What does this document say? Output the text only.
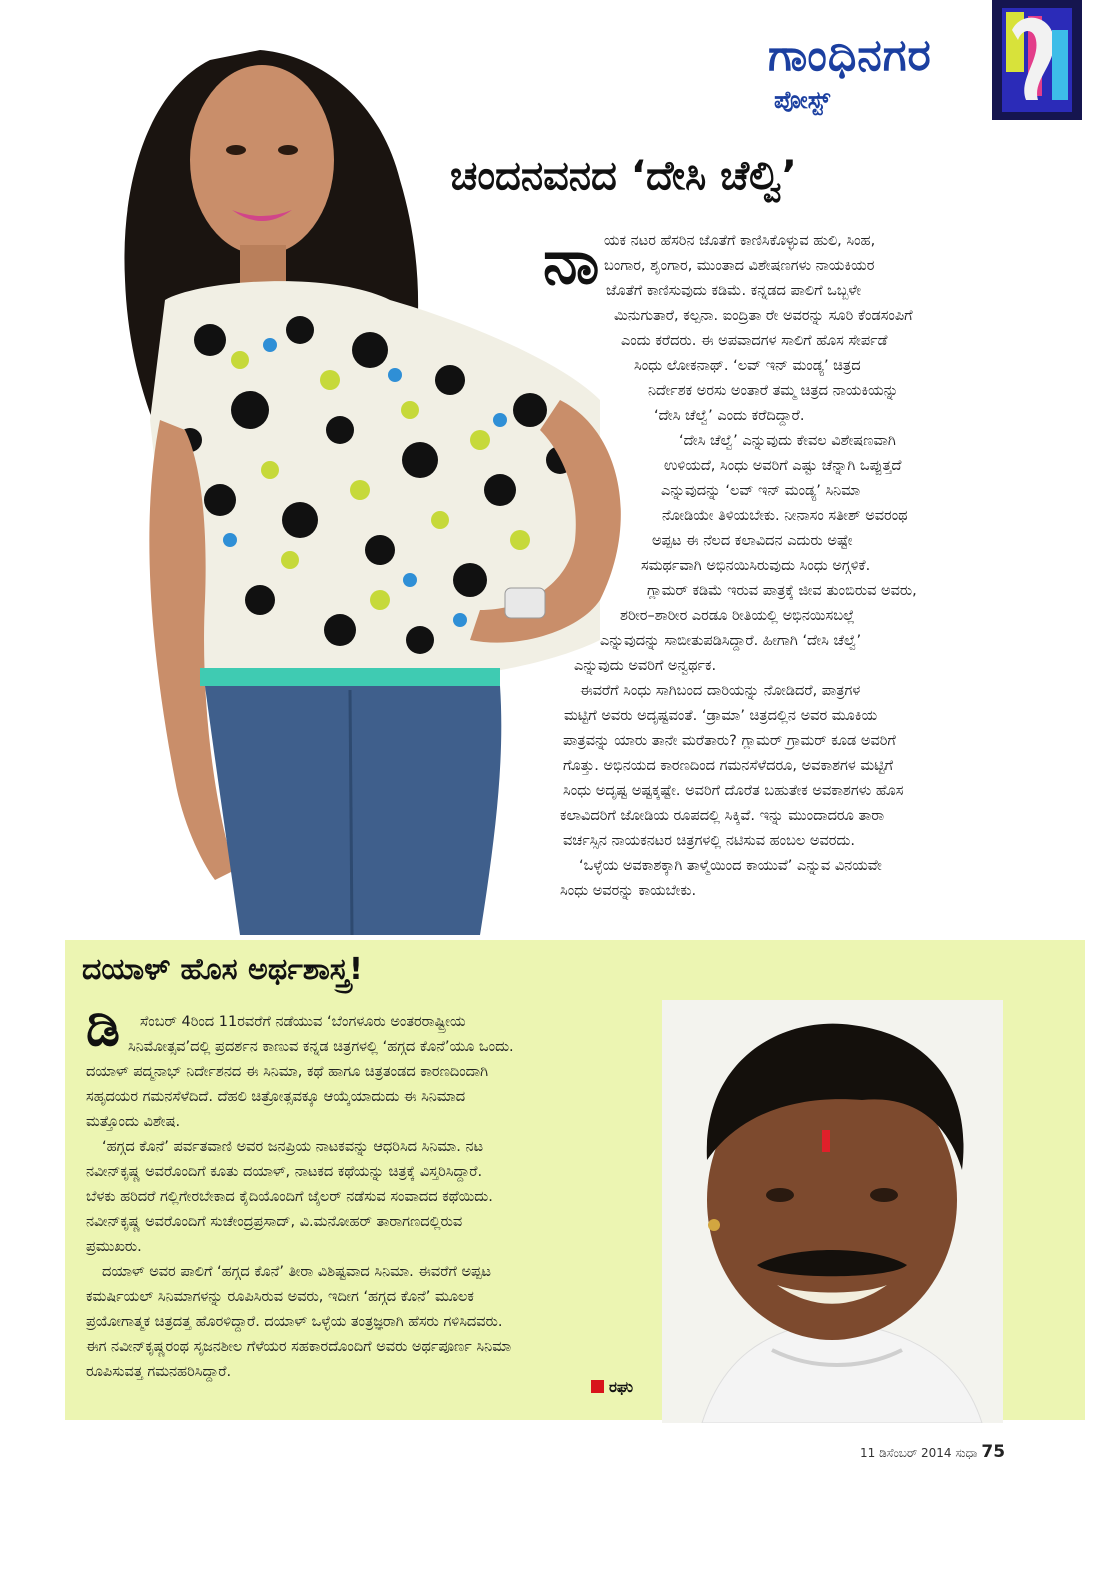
ಗಾಂಧಿನಗರ
ಪೋಸ್ಟ್
ಚಂದನವನದ ‘ದೇಸಿ ಚೆಲ್ವಿ’
ನಾ ಯಕ ನಟರ ಹೆಸರಿನ ಜೊತೆಗೆ ಕಾಣಿಸಿಕೊಳ್ಳುವ ಹುಲಿ, ಸಿಂಹ,
ಬಂಗಾರ, ಶೃಂಗಾರ, ಮುಂತಾದ ವಿಶೇಷಣಗಳು ನಾಯಕಿಯರ
ಜೊತೆಗೆ ಕಾಣಿಸುವುದು ಕಡಿಮೆ. ಕನ್ನಡದ ಪಾಲಿಗೆ ಒಬ್ಬಳೇ
ಮಿನುಗುತಾರೆ, ಕಲ್ಪನಾ. ಐಂದ್ರಿತಾ ರೇ ಅವರನ್ನು ಸೂರಿ ಕೆಂಡಸಂಪಿಗೆ
ಎಂದು ಕರೆದರು. ಈ ಅಪವಾದಗಳ ಸಾಲಿಗೆ ಹೊಸ ಸೇರ್ಪಡೆ
ಸಿಂಧು ಲೋಕನಾಥ್. ‘ಲವ್ ಇನ್ ಮಂಡ್ಯ’ ಚಿತ್ರದ
ನಿರ್ದೇಶಕ ಅರಸು ಅಂತಾರೆ ತಮ್ಮ ಚಿತ್ರದ ನಾಯಕಿಯನ್ನು
‘ದೇಸಿ ಚೆಲ್ವೆ’ ಎಂದು ಕರೆದಿದ್ದಾರೆ.
‘ದೇಸಿ ಚೆಲ್ವೆ’ ಎನ್ನುವುದು ಕೇವಲ ವಿಶೇಷಣವಾಗಿ
ಉಳಿಯದೆ, ಸಿಂಧು ಅವರಿಗೆ ಎಷ್ಟು ಚೆನ್ನಾಗಿ ಒಪ್ಪುತ್ತದೆ
ಎನ್ನುವುದನ್ನು ‘ಲವ್ ಇನ್ ಮಂಡ್ಯ’ ಸಿನಿಮಾ
ನೋಡಿಯೇ ತಿಳಿಯಬೇಕು. ನೀನಾಸಂ ಸತೀಶ್ ಅವರಂಥ
ಅಪ್ಪಟ ಈ ನೆಲದ ಕಲಾವಿದನ ಎದುರು ಅಷ್ಟೇ
ಸಮರ್ಥವಾಗಿ ಅಭಿನಯಿಸಿರುವುದು ಸಿಂಧು ಅಗ್ಗಳಿಕೆ.
ಗ್ಲಾಮರ್ ಕಡಿಮೆ ಇರುವ ಪಾತ್ರಕ್ಕೆ ಜೀವ ತುಂಬಿರುವ ಅವರು,
ಶರೀರ–ಶಾರೀರ ಎರಡೂ ರೀತಿಯಲ್ಲಿ ಅಭಿನಯಿಸಬಲ್ಲೆ
ಎನ್ನುವುದನ್ನು ಸಾಬೀತುಪಡಿಸಿದ್ದಾರೆ. ಹೀಗಾಗಿ ‘ದೇಸಿ ಚೆಲ್ವೆ’
ಎನ್ನುವುದು ಅವರಿಗೆ ಅನ್ವರ್ಥಕ.
ಈವರೆಗೆ ಸಿಂಧು ಸಾಗಿಬಂದ ದಾರಿಯನ್ನು ನೋಡಿದರೆ, ಪಾತ್ರಗಳ
ಮಟ್ಟಿಗೆ ಅವರು ಅದೃಷ್ಟವಂತೆ. ‘ಡ್ರಾಮಾ’ ಚಿತ್ರದಲ್ಲಿನ ಅವರ ಮೂಕಿಯ
ಪಾತ್ರವನ್ನು ಯಾರು ತಾನೇ ಮರೆತಾರು? ಗ್ಲಾಮರ್ ಗ್ರಾಮರ್ ಕೂಡ ಅವರಿಗೆ
ಗೊತ್ತು. ಅಭಿನಯದ ಕಾರಣದಿಂದ ಗಮನಸೆಳೆದರೂ, ಅವಕಾಶಗಳ ಮಟ್ಟಿಗೆ
ಸಿಂಧು ಅದೃಷ್ಟ ಅಷ್ಟಕ್ಕಷ್ಟೇ. ಅವರಿಗೆ ದೊರೆತ ಬಹುತೇಕ ಅವಕಾಶಗಳು ಹೊಸ
ಕಲಾವಿದರಿಗೆ ಜೋಡಿಯ ರೂಪದಲ್ಲಿ ಸಿಕ್ಕಿವೆ. ಇನ್ನು ಮುಂದಾದರೂ ತಾರಾ
ವರ್ಚಸ್ಸಿನ ನಾಯಕನಟರ ಚಿತ್ರಗಳಲ್ಲಿ ನಟಿಸುವ ಹಂಬಲ ಅವರದು.
‘ಒಳ್ಳೆಯ ಅವಕಾಶಕ್ಕಾಗಿ ತಾಳ್ಮೆಯಿಂದ ಕಾಯುವೆ’ ಎನ್ನುವ ವಿನಯವೇ
ಸಿಂಧು ಅವರನ್ನು ಕಾಯಬೇಕು.
ದಯಾಳ್ ಹೊಸ ಅರ್ಥಶಾಸ್ತ್ರ!
ಡಿ ಸೆಂಬರ್ 4ರಿಂದ 11ರವರೆಗೆ ನಡೆಯುವ ‘ಬೆಂಗಳೂರು ಅಂತರರಾಷ್ಟ್ರೀಯ
ಸಿನಿಮೋತ್ಸವ’ದಲ್ಲಿ ಪ್ರದರ್ಶನ ಕಾಣುವ ಕನ್ನಡ ಚಿತ್ರಗಳಲ್ಲಿ ‘ಹಗ್ಗದ ಕೊನೆ’ಯೂ ಒಂದು.
ದಯಾಳ್ ಪದ್ಮನಾಭ್ ನಿರ್ದೇಶನದ ಈ ಸಿನಿಮಾ, ಕಥೆ ಹಾಗೂ ಚಿತ್ರತಂಡದ ಕಾರಣದಿಂದಾಗಿ
ಸಹೃದಯರ ಗಮನಸೆಳೆದಿದೆ. ದೆಹಲಿ ಚಿತ್ರೋತ್ಸವಕ್ಕೂ ಆಯ್ಕೆಯಾದುದು ಈ ಸಿನಿಮಾದ
ಮತ್ತೊಂದು ವಿಶೇಷ.
‘ಹಗ್ಗದ ಕೊನೆ’ ಪರ್ವತವಾಣಿ ಅವರ ಜನಪ್ರಿಯ ನಾಟಕವನ್ನು ಆಧರಿಸಿದ ಸಿನಿಮಾ. ನಟ
ನವೀನ್‌ಕೃಷ್ಣ ಅವರೊಂದಿಗೆ ಕೂತು ದಯಾಳ್, ನಾಟಕದ ಕಥೆಯನ್ನು ಚಿತ್ರಕ್ಕೆ ವಿಸ್ತರಿಸಿದ್ದಾರೆ.
ಬೆಳಕು ಹರಿದರೆ ಗಲ್ಲಿಗೇರಬೇಕಾದ ಕೈದಿಯೊಂದಿಗೆ ಜೈಲರ್ ನಡೆಸುವ ಸಂವಾದದ ಕಥೆಯಿದು.
ನವೀನ್‌ಕೃಷ್ಣ ಅವರೊಂದಿಗೆ ಸುಚೇಂದ್ರಪ್ರಸಾದ್, ವಿ.ಮನೋಹರ್ ತಾರಾಗಣದಲ್ಲಿರುವ
ಪ್ರಮುಖರು.
ದಯಾಳ್ ಅವರ ಪಾಲಿಗೆ ‘ಹಗ್ಗದ ಕೊನೆ’ ತೀರಾ ವಿಶಿಷ್ಟವಾದ ಸಿನಿಮಾ. ಈವರೆಗೆ ಅಪ್ಪಟ
ಕಮರ್ಷಿಯಲ್ ಸಿನಿಮಾಗಳನ್ನು ರೂಪಿಸಿರುವ ಅವರು, ಇದೀಗ ‘ಹಗ್ಗದ ಕೊನೆ’ ಮೂಲಕ
ಪ್ರಯೋಗಾತ್ಮಕ ಚಿತ್ರದತ್ತ ಹೊರಳಿದ್ದಾರೆ. ದಯಾಳ್ ಒಳ್ಳೆಯ ತಂತ್ರಜ್ಞರಾಗಿ ಹೆಸರು ಗಳಿಸಿದವರು.
ಈಗ ನವೀನ್‌ಕೃಷ್ಣರಂಥ ಸೃಜನಶೀಲ ಗೆಳೆಯರ ಸಹಕಾರದೊಂದಿಗೆ ಅವರು ಅರ್ಥಪೂರ್ಣ ಸಿನಿಮಾ
ರೂಪಿಸುವತ್ತ ಗಮನಹರಿಸಿದ್ದಾರೆ.
ರಘು
11 ಡಿಸೆಂಬರ್ 2014 ಸುಧಾ 75
